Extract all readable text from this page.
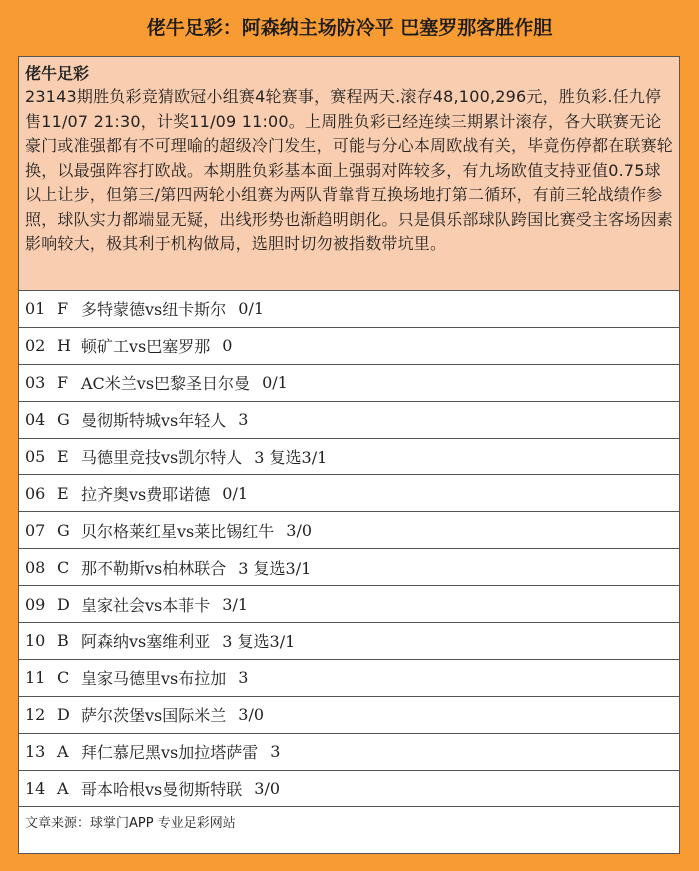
佬牛足彩：阿森纳主场防冷平 巴塞罗那客胜作胆
佬牛足彩
23143期胜负彩竞猜欧冠小组赛4轮赛事，赛程两天.滚存48,100,296元，胜负彩.任九停售11/07 21:30，计奖11/09 11:00。上周胜负彩已经连续三期累计滚存，各大联赛无论豪门或准强都有不可理喻的超级冷门发生，可能与分心本周欧战有关，毕竟伤停都在联赛轮换，以最强阵容打欧战。本期胜负彩基本面上强弱对阵较多，有九场欧值支持亚值0.75球以上让步，但第三/第四两轮小组赛为两队背靠背互换场地打第二循环，有前三轮战绩作参照，球队实力都端显无疑，出线形势也渐趋明朗化。只是俱乐部球队跨国比赛受主客场因素影响较大，极其利于机构做局，选胆时切勿被指数带坑里。
01 F 多特蒙德vs纽卡斯尔 0/1
02 H 顿矿工vs巴塞罗那 0
03 F AC米兰vs巴黎圣日尔曼 0/1
04 G 曼彻斯特城vs年轻人 3
05 E 马德里竞技vs凯尔特人 3 复选3/1
06 E 拉齐奥vs费耶诺德 0/1
07 G 贝尔格莱红星vs莱比锡红牛 3/0
08 C 那不勒斯vs柏林联合 3 复选3/1
09 D 皇家社会vs本菲卡 3/1
10 B 阿森纳vs塞维利亚 3 复选3/1
11 C 皇家马德里vs布拉加 3
12 D 萨尔茨堡vs国际米兰 3/0
13 A 拜仁慕尼黑vs加拉塔萨雷 3
14 A 哥本哈根vs曼彻斯特联 3/0
文章来源：球掌门APP 专业足彩网站
